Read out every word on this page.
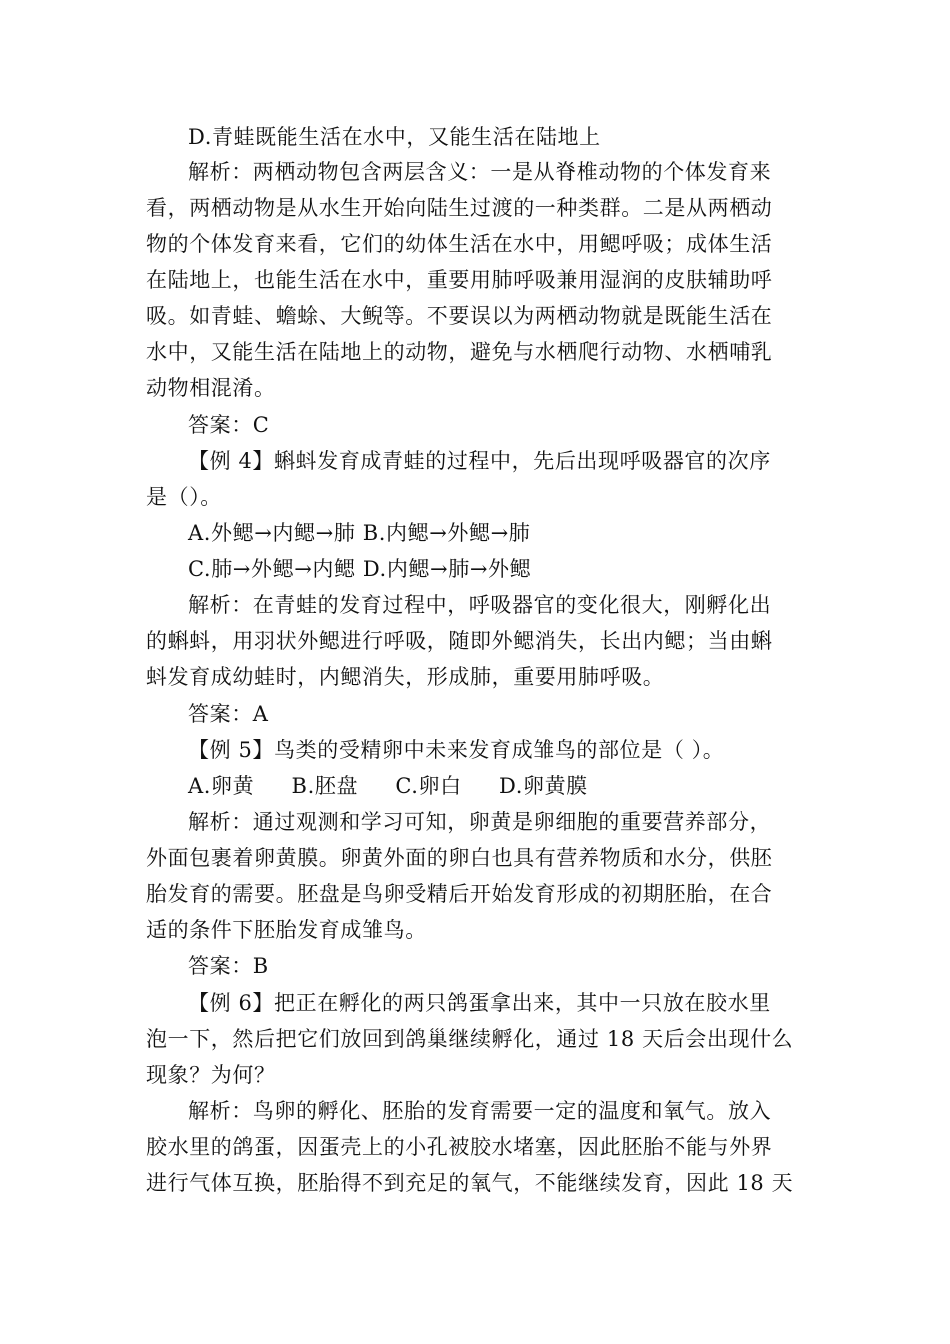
D.青蛙既能生活在水中，又能生活在陆地上
解析：两栖动物包含两层含义：一是从脊椎动物的个体发育来
看，两栖动物是从水生开始向陆生过渡的一种类群。二是从两栖动
物的个体发育来看，它们的幼体生活在水中，用鳃呼吸；成体生活
在陆地上，也能生活在水中，重要用肺呼吸兼用湿润的皮肤辅助呼
吸。如青蛙、蟾蜍、大鲵等。不要误以为两栖动物就是既能生活在
水中，又能生活在陆地上的动物，避免与水栖爬行动物、水栖哺乳
动物相混淆。
答案：C
【例 4】蝌蚪发育成青蛙的过程中，先后出现呼吸器官的次序
是（）。
A.外鳃→内鳃→肺 B.内鳃→外鳃→肺
C.肺→外鳃→内鳃 D.内鳃→肺→外鳃
解析：在青蛙的发育过程中，呼吸器官的变化很大，刚孵化出
的蝌蚪，用羽状外鳃进行呼吸，随即外鳃消失，长出内鳃；当由蝌
蚪发育成幼蛙时，内鳃消失，形成肺，重要用肺呼吸。
答案：A
【例 5】鸟类的受精卵中未来发育成雏鸟的部位是（ ）。
A.卵黄 B.胚盘 C.卵白 D.卵黄膜
解析：通过观测和学习可知，卵黄是卵细胞的重要营养部分，
外面包裹着卵黄膜。卵黄外面的卵白也具有营养物质和水分，供胚
胎发育的需要。胚盘是鸟卵受精后开始发育形成的初期胚胎，在合
适的条件下胚胎发育成雏鸟。
答案：B
【例 6】把正在孵化的两只鸽蛋拿出来，其中一只放在胶水里
泡一下，然后把它们放回到鸽巢继续孵化，通过 18 天后会出现什么
现象？为何？
解析：鸟卵的孵化、胚胎的发育需要一定的温度和氧气。放入
胶水里的鸽蛋，因蛋壳上的小孔被胶水堵塞，因此胚胎不能与外界
进行气体互换，胚胎得不到充足的氧气，不能继续发育，因此 18 天
